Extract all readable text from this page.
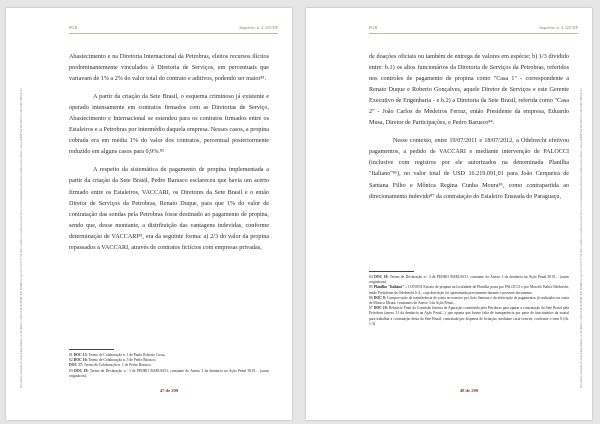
PGR	Inquérito n. 4.325/DF

Abastecimento e na Diretoria Internacional da Petrobras, eleitos recursos ilícitos predominantemente vinculados à Diretoria de Serviços, em percentuais que variavam de 1% a 2% do valor total do contrato e aditivos, podendo ser maior⁸¹.

A partir da criação da Sete Brasil, o esquema criminoso já existente e operado intensamente em contratos firmados com as Diretorias de Serviço, Abastecimento e Internacional se estendeu para os contratos firmados entre os Estaleiros e a Petrobras por intermédio daquela empresa. Nesses casos, a propina cobrada era em média 1% do valor dos contratos, percentual posteriormente reduzido em alguns casos para 0,9%.⁸²

A respeito da sistemática de pagamento de propina implementada a partir da criação da Sete Brasil, Pedro Barusco esclareceu que havia um acerto firmado entre os Estaleiros, VACCARI, os Diretores da Sete Brasil e o então Diretor de Serviços da Petrobras, Renato Duque, para que 1% do valor de contratação das sondas pela Petrobras fosse destinado ao pagamento de propina, sendo que, desse montante, a distribuição das vantagens indevidas, conforme determinação de VACCARI⁸³, era da seguinte forma: a) 2/3 do valor da propina repassados a VACCARI, através de contratos fictícios com empresas privadas,

81 DOC 15: Termo de Colaboração n. 1 de Paulo Roberto Costa.

82 DOC 16: Termo de Colaboração n. 5 de Pedro Barusco.

DOC 17: Termo de Colaboração n. 1 de Pedro Barusco.

83 DOC 18: Termo de Declaração n.º 3 de PEDRO BARUSCO, constante do Anexo 3 da denúncia na Ação Penal 5019.... (autos originários).

47 de 209
Documento assinado via Token digitalmente por RODRIGO JANOT MONTEIRO DE BARROS, em 05/12/2017 17:26. Para verificar a assinatura acesse http://www.transparencia.mpf.mp.br/validacaodocumento. Chave 60E2F7A4.2D11D9C3.C5E2A1B7.3F9A4C20
PGR	Inquérito n. 4.325/DF

de doações oficiais ou também de entrega de valores em espécie; b) 1/3 dividido entre: b.1) os altos funcionários da Diretoria de Serviços da Petrobras, referidos nos controles de pagamento de propina como "Casa 1" - correspondente a Renato Duque e Roberto Gonçalves, aquele Diretor de Serviços e este Gerente Executivo de Engenharia - e b.2) a Diretoria da Sete Brasil, referida como "Casa 2" - João Carlos de Medeiros Ferraz, então Presidente da empresa, Eduardo Musa, Diretor de Participações, e Pedro Barusco⁸⁴.

Nesse contexto, entre 19/07/2011 e 18/07/2012, a Odebrecht efetivou pagamentos, a pedido de VACCARI e mediante intervenção de PALOCCI (inclusive com registros por ele autorizados na denominada Planilha "Italiano"⁸⁵), no valor total de USD 16.219.091,01 para João Cerqueira de Santana Filho e Mônica Regina Cunha Moura⁸⁶, como contrapartida ao direcionamento indevido⁸⁷ da contratação do Estaleiro Enseada do Paraguaçu,

84 DOC 18: Termo de Declaração n.º 3 de PEDRO BARUSCO, constante do Anexo 3 da denúncia na Ação Penal 5019.... (autos originários).

85 Planilha "Italiano" – CONSTA Extrato de propina na localidade de Planilha posta por PALOCCI e por Marcelo Bahia Odebrecht, então Presidente da Odebrecht S.A., cuja descrição foi apresentada previamente durante o presente documento.

86 DOC 8: Comprovação de transferência de conta no exterior por João Santana e da efetivação de pagamentos já realizados na conta de Monica Moura, constantes do Anexo 3 da Ação Penal...

87 DOC 19: Relatório Final da Comissão Interna de Apuração constituída pela Petrobras para apurar a contratação da Sete Brasil pela Petrobras (anexo 31 da denúncia na Ação Penal...), que aponta que houve falta de transparência por parte de funcionários da estatal para trabalhar a contratação desta da Sete Brasil, contratada por dispensa de licitação, mediante carta-convite, conforme o item 8 (fls. 1-3).

48 de 209
Documento assinado via Token digitalmente por RODRIGO JANOT MONTEIRO DE BARROS, em 05/12/2017 17:26. Para verificar a assinatura acesse http://www.transparencia.mpf.mp.br/validacaodocumento. Chave 60E2F7A4.2D11D9C3.C5E2A1B7.3F9A4C20
